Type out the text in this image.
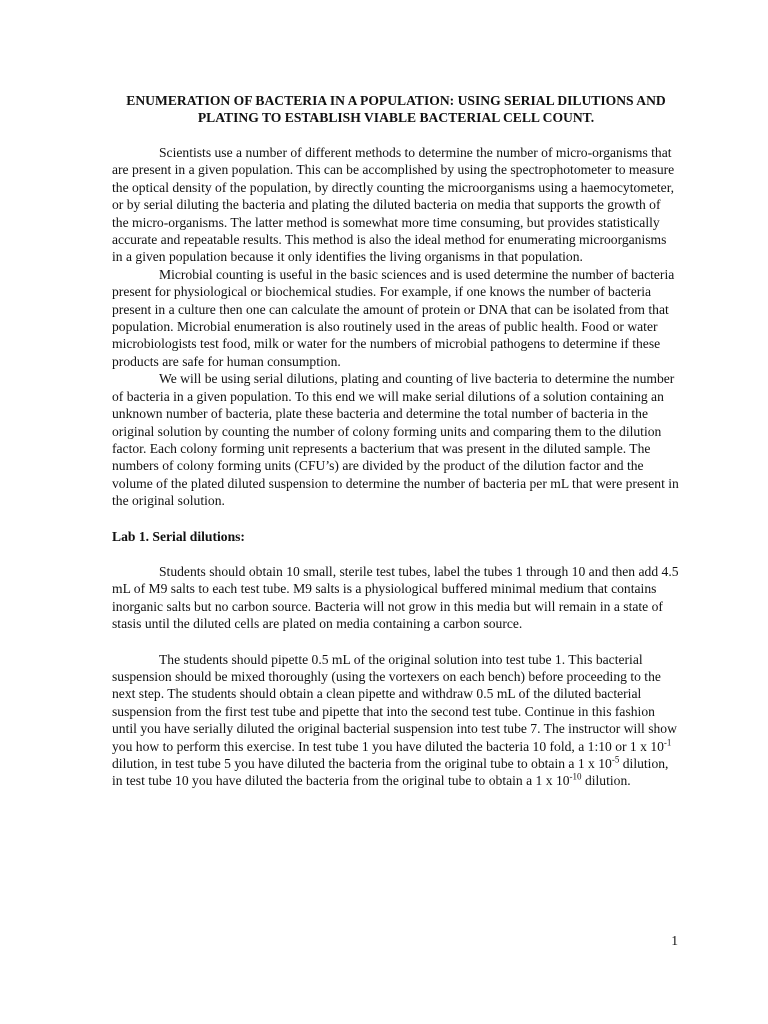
ENUMERATION OF BACTERIA IN A POPULATION: USING SERIAL DILUTIONS AND PLATING TO ESTABLISH VIABLE BACTERIAL CELL COUNT.

Scientists use a number of different methods to determine the number of micro-organisms that are present in a given population. This can be accomplished by using the spectrophotometer to measure the optical density of the population, by directly counting the microorganisms using a haemocytometer, or by serial diluting the bacteria and plating the diluted bacteria on media that supports the growth of the micro-organisms. The latter method is somewhat more time consuming, but provides statistically accurate and repeatable results. This method is also the ideal method for enumerating microorganisms in a given population because it only identifies the living organisms in that population.

Microbial counting is useful in the basic sciences and is used determine the number of bacteria present for physiological or biochemical studies. For example, if one knows the number of bacteria present in a culture then one can calculate the amount of protein or DNA that can be isolated from that population. Microbial enumeration is also routinely used in the areas of public health. Food or water microbiologists test food, milk or water for the numbers of microbial pathogens to determine if these products are safe for human consumption.

We will be using serial dilutions, plating and counting of live bacteria to determine the number of bacteria in a given population. To this end we will make serial dilutions of a solution containing an unknown number of bacteria, plate these bacteria and determine the total number of bacteria in the original solution by counting the number of colony forming units and comparing them to the dilution factor. Each colony forming unit represents a bacterium that was present in the diluted sample. The numbers of colony forming units (CFU’s) are divided by the product of the dilution factor and the volume of the plated diluted suspension to determine the number of bacteria per mL that were present in the original solution.

Lab 1. Serial dilutions:

Students should obtain 10 small, sterile test tubes, label the tubes 1 through 10 and then add 4.5 mL of M9 salts to each test tube. M9 salts is a physiological buffered minimal medium that contains inorganic salts but no carbon source. Bacteria will not grow in this media but will remain in a state of stasis until the diluted cells are plated on media containing a carbon source.

The students should pipette 0.5 mL of the original solution into test tube 1. This bacterial suspension should be mixed thoroughly (using the vortexers on each bench) before proceeding to the next step. The students should obtain a clean pipette and withdraw 0.5 mL of the diluted bacterial suspension from the first test tube and pipette that into the second test tube. Continue in this fashion until you have serially diluted the original bacterial suspension into test tube 7. The instructor will show you how to perform this exercise. In test tube 1 you have diluted the bacteria 10 fold, a 1:10 or 1 x $10^{-1}$ dilution, in test tube 5 you have diluted the bacteria from the original tube to obtain a 1 x $10^{-5}$ dilution, in test tube 10 you have diluted the bacteria from the original tube to obtain a 1 x $10^{-10}$ dilution.

1
